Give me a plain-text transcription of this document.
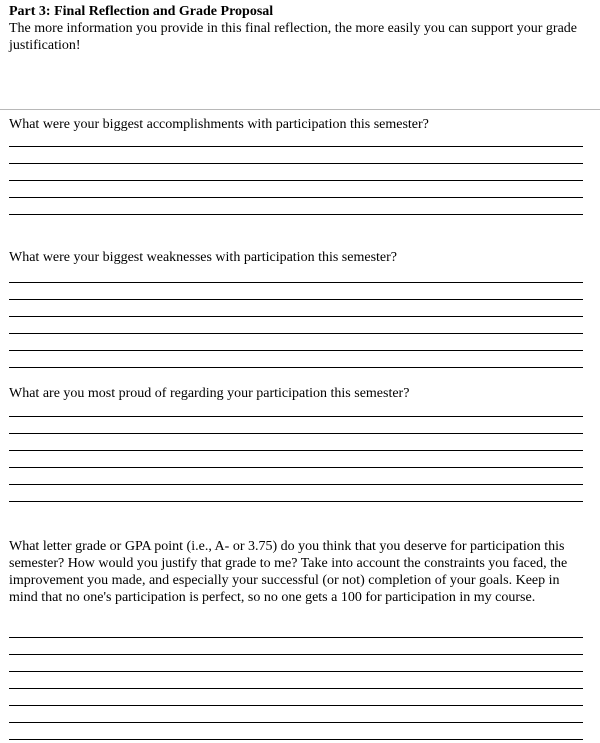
Part 3: Final Reflection and Grade Proposal
The more information you provide in this final reflection, the more easily you can support your grade justification!
What were your biggest accomplishments with participation this semester?
What were your biggest weaknesses with participation this semester?
What are you most proud of regarding your participation this semester?
What letter grade or GPA point (i.e., A- or 3.75) do you think that you deserve for participation this semester? How would you justify that grade to me? Take into account the constraints you faced, the improvement you made, and especially your successful (or not) completion of your goals. Keep in mind that no one's participation is perfect, so no one gets a 100 for participation in my course.
